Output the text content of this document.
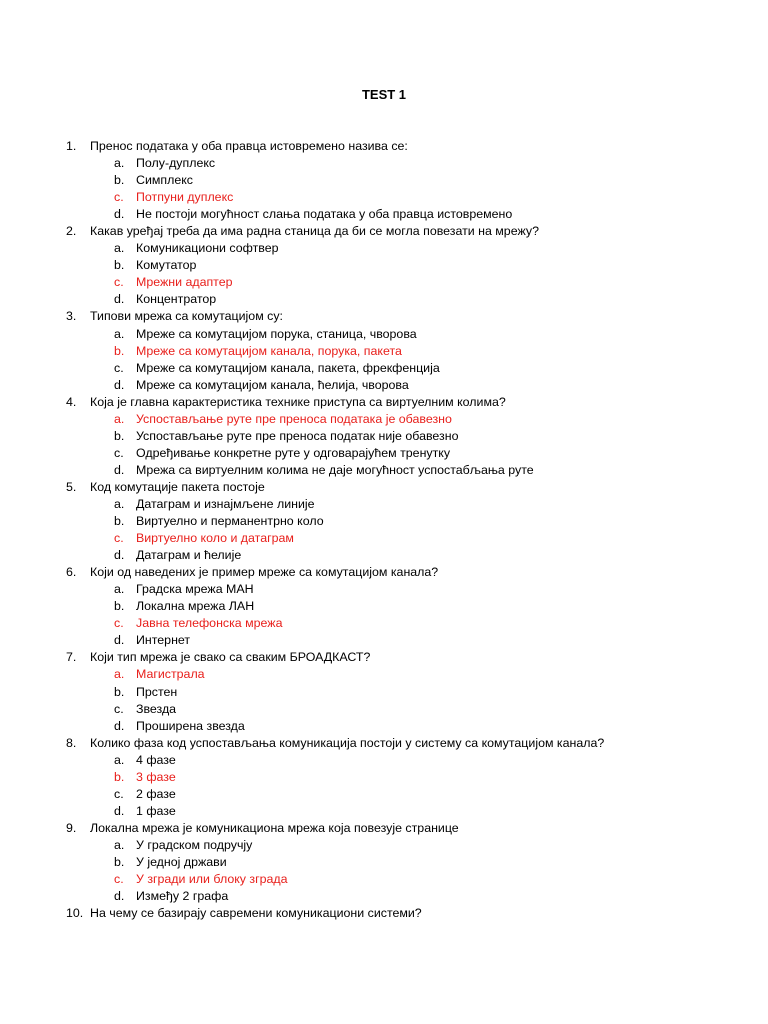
TEST 1
1.	Пренос података у оба правца истовремено назива се:
a. Полу-дуплекс
b. Симплекс
c. Потпуни дуплекс
d. Не постоји могућност слања података у оба правца истовремено
2.	Какав уређај треба да има радна станица да би се могла повезати на мрежу?
a. Комуникациони софтвер
b. Комутатор
c. Мрежни адаптер
d. Концентратор
3.	Типови мрежа са комутацијом су:
a. Мреже са комутацијом порука, станица, чворова
b. Мреже са комутацијом канала, порука, пакета
c. Мреже са комутацијом канала, пакета, фрекфенција
d. Мреже са комутацијом канала, ћелија, чворова
4.	Која је главна карактеристика технике приступа са виртуелним колима?
a. Успостављање руте пре преноса података је обавезно
b. Успостављање руте пре преноса податак није обавезно
c. Одређивање конкретне руте у одговарајућем тренутку
d. Мрежа са виртуелним колима не даје могућност успостабљања руте
5.	Код комутације пакета постоје
a. Датаграм и изнајмљене линије
b. Виртуелно и перманентрно коло
c. Виртуелно коло и датаграм
d. Датаграм и ћелије
6.	Који од наведених је пример мреже са комутацијом канала?
a. Градска мрежа МАН
b. Локална мрежа ЛАН
c. Јавна телефонска мрежа
d. Интернет
7.	Који тип мрежа је свако са сваким БРОАДКАСТ?
a. Магистрала
b. Прстен
c. Звезда
d. Проширена звезда
8.	Колико фаза код успостављања комуникација постоји у систему са комутацијом канала?
a. 4 фазе
b. 3 фазе
c. 2 фазе
d. 1 фазе
9.	Локална мрежа је комуникациона мрежа која повезује странице
a. У градском подручју
b. У једној држави
c. У згради или блоку зграда
d. Између 2 графа
10. На чему се базирају савремени комуникациони системи?
